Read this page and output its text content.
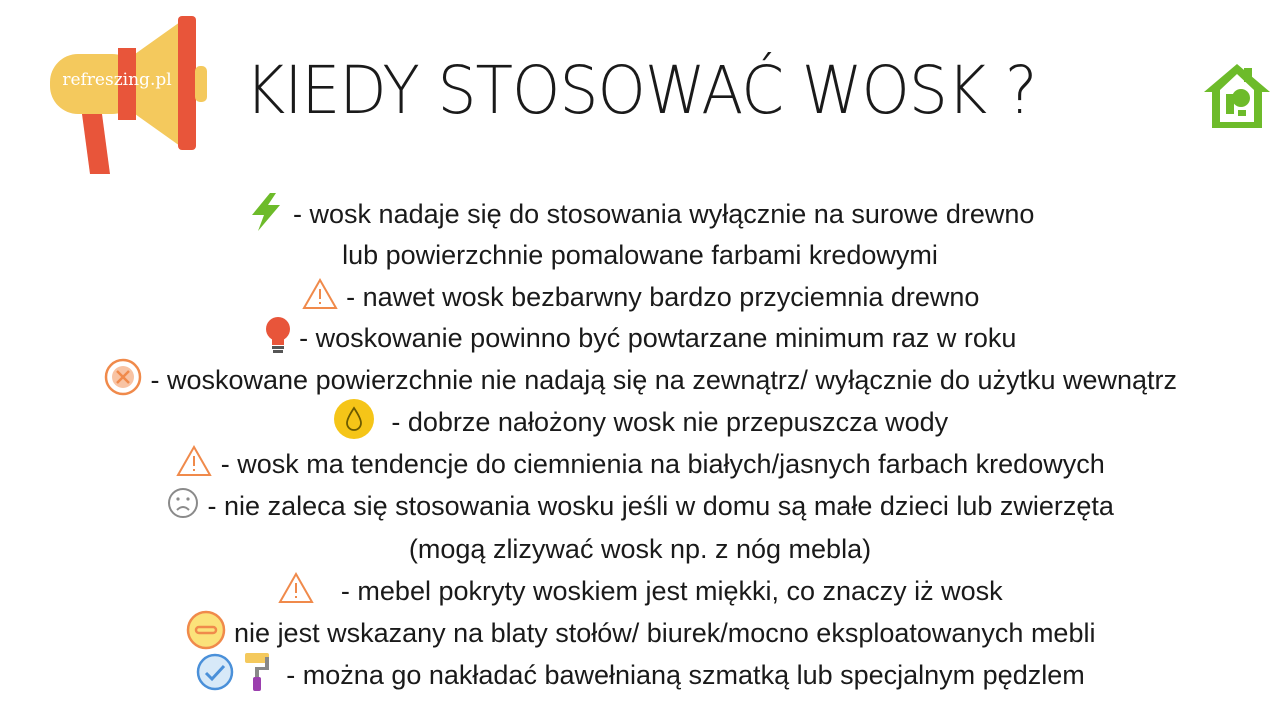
refreszing.pl KIEDY STOSOWAĆ WOSK ?
- wosk nadaje się do stosowania wyłącznie na surowe drewno
lub powierzchnie pomalowane farbami kredowymi
- nawet wosk bezbarwny bardzo przyciemnia drewno
- woskowanie powinno być powtarzane minimum raz w roku
- woskowane powierzchnie nie nadają się na zewnątrz/ wyłącznie do użytku wewnątrz
- dobrze nałożony wosk nie przepuszcza wody
- wosk ma tendencje do ciemnienia na białych/jasnych farbach kredowych
- nie zaleca się stosowania wosku jeśli w domu są małe dzieci lub zwierzęta
(mogą zlizywać wosk np. z nóg mebla)
- mebel pokryty woskiem jest miękki, co znaczy iż wosk
nie jest wskazany na blaty stołów/ biurek/mocno eksploatowanych mebli
- można go nakładać bawełnianą szmatką lub specjalnym pędzlem
